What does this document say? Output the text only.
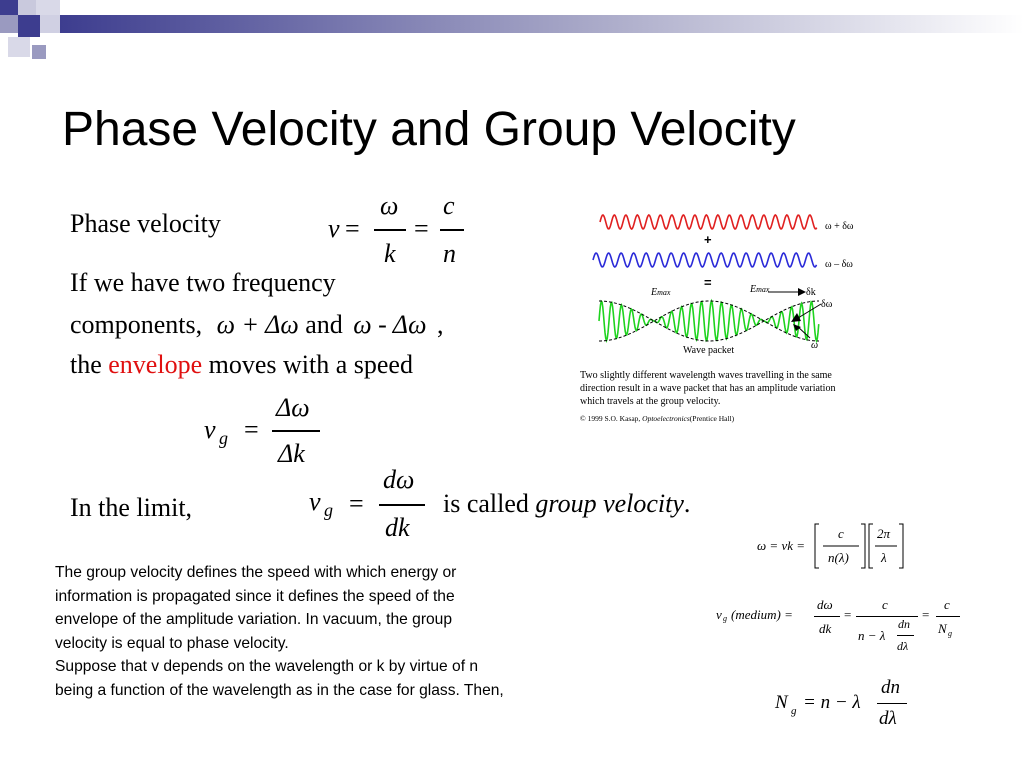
Phase Velocity and Group Velocity
Phase velocity	v =
ω
k
=
c
n
If we have two frequency
components, ω + Δω and ω - Δω ,
the envelope moves with a speed
v g =
Δω
Δk
In the limit,	v g =
dω
dk
is called group velocity.
ω + δω
+
ω – δω
=
Emax	Emax	δk
δω
ω
Wave packet
Two slightly different wavelength waves travelling in the same
direction result in a wave packet that has an amplitude variation
which travels at the group velocity.
© 1999 S.O. Kasap, Optoelectronics(Prentice Hall)
The group velocity defines the speed with which energy or
information is propagated since it defines the speed of the
envelope of the amplitude variation. In vacuum, the group
velocity is equal to phase velocity.
Suppose that v depends on the wavelength or k by virtue of n
being a function of the wavelength as in the case for glass. Then,
ω = vk =
c
n(λ)
2π
λ
v g (medium) =
dω
dk
=
c
n − λ
dn
dλ
=
c
N g
N g = n − λ
dn
dλ
